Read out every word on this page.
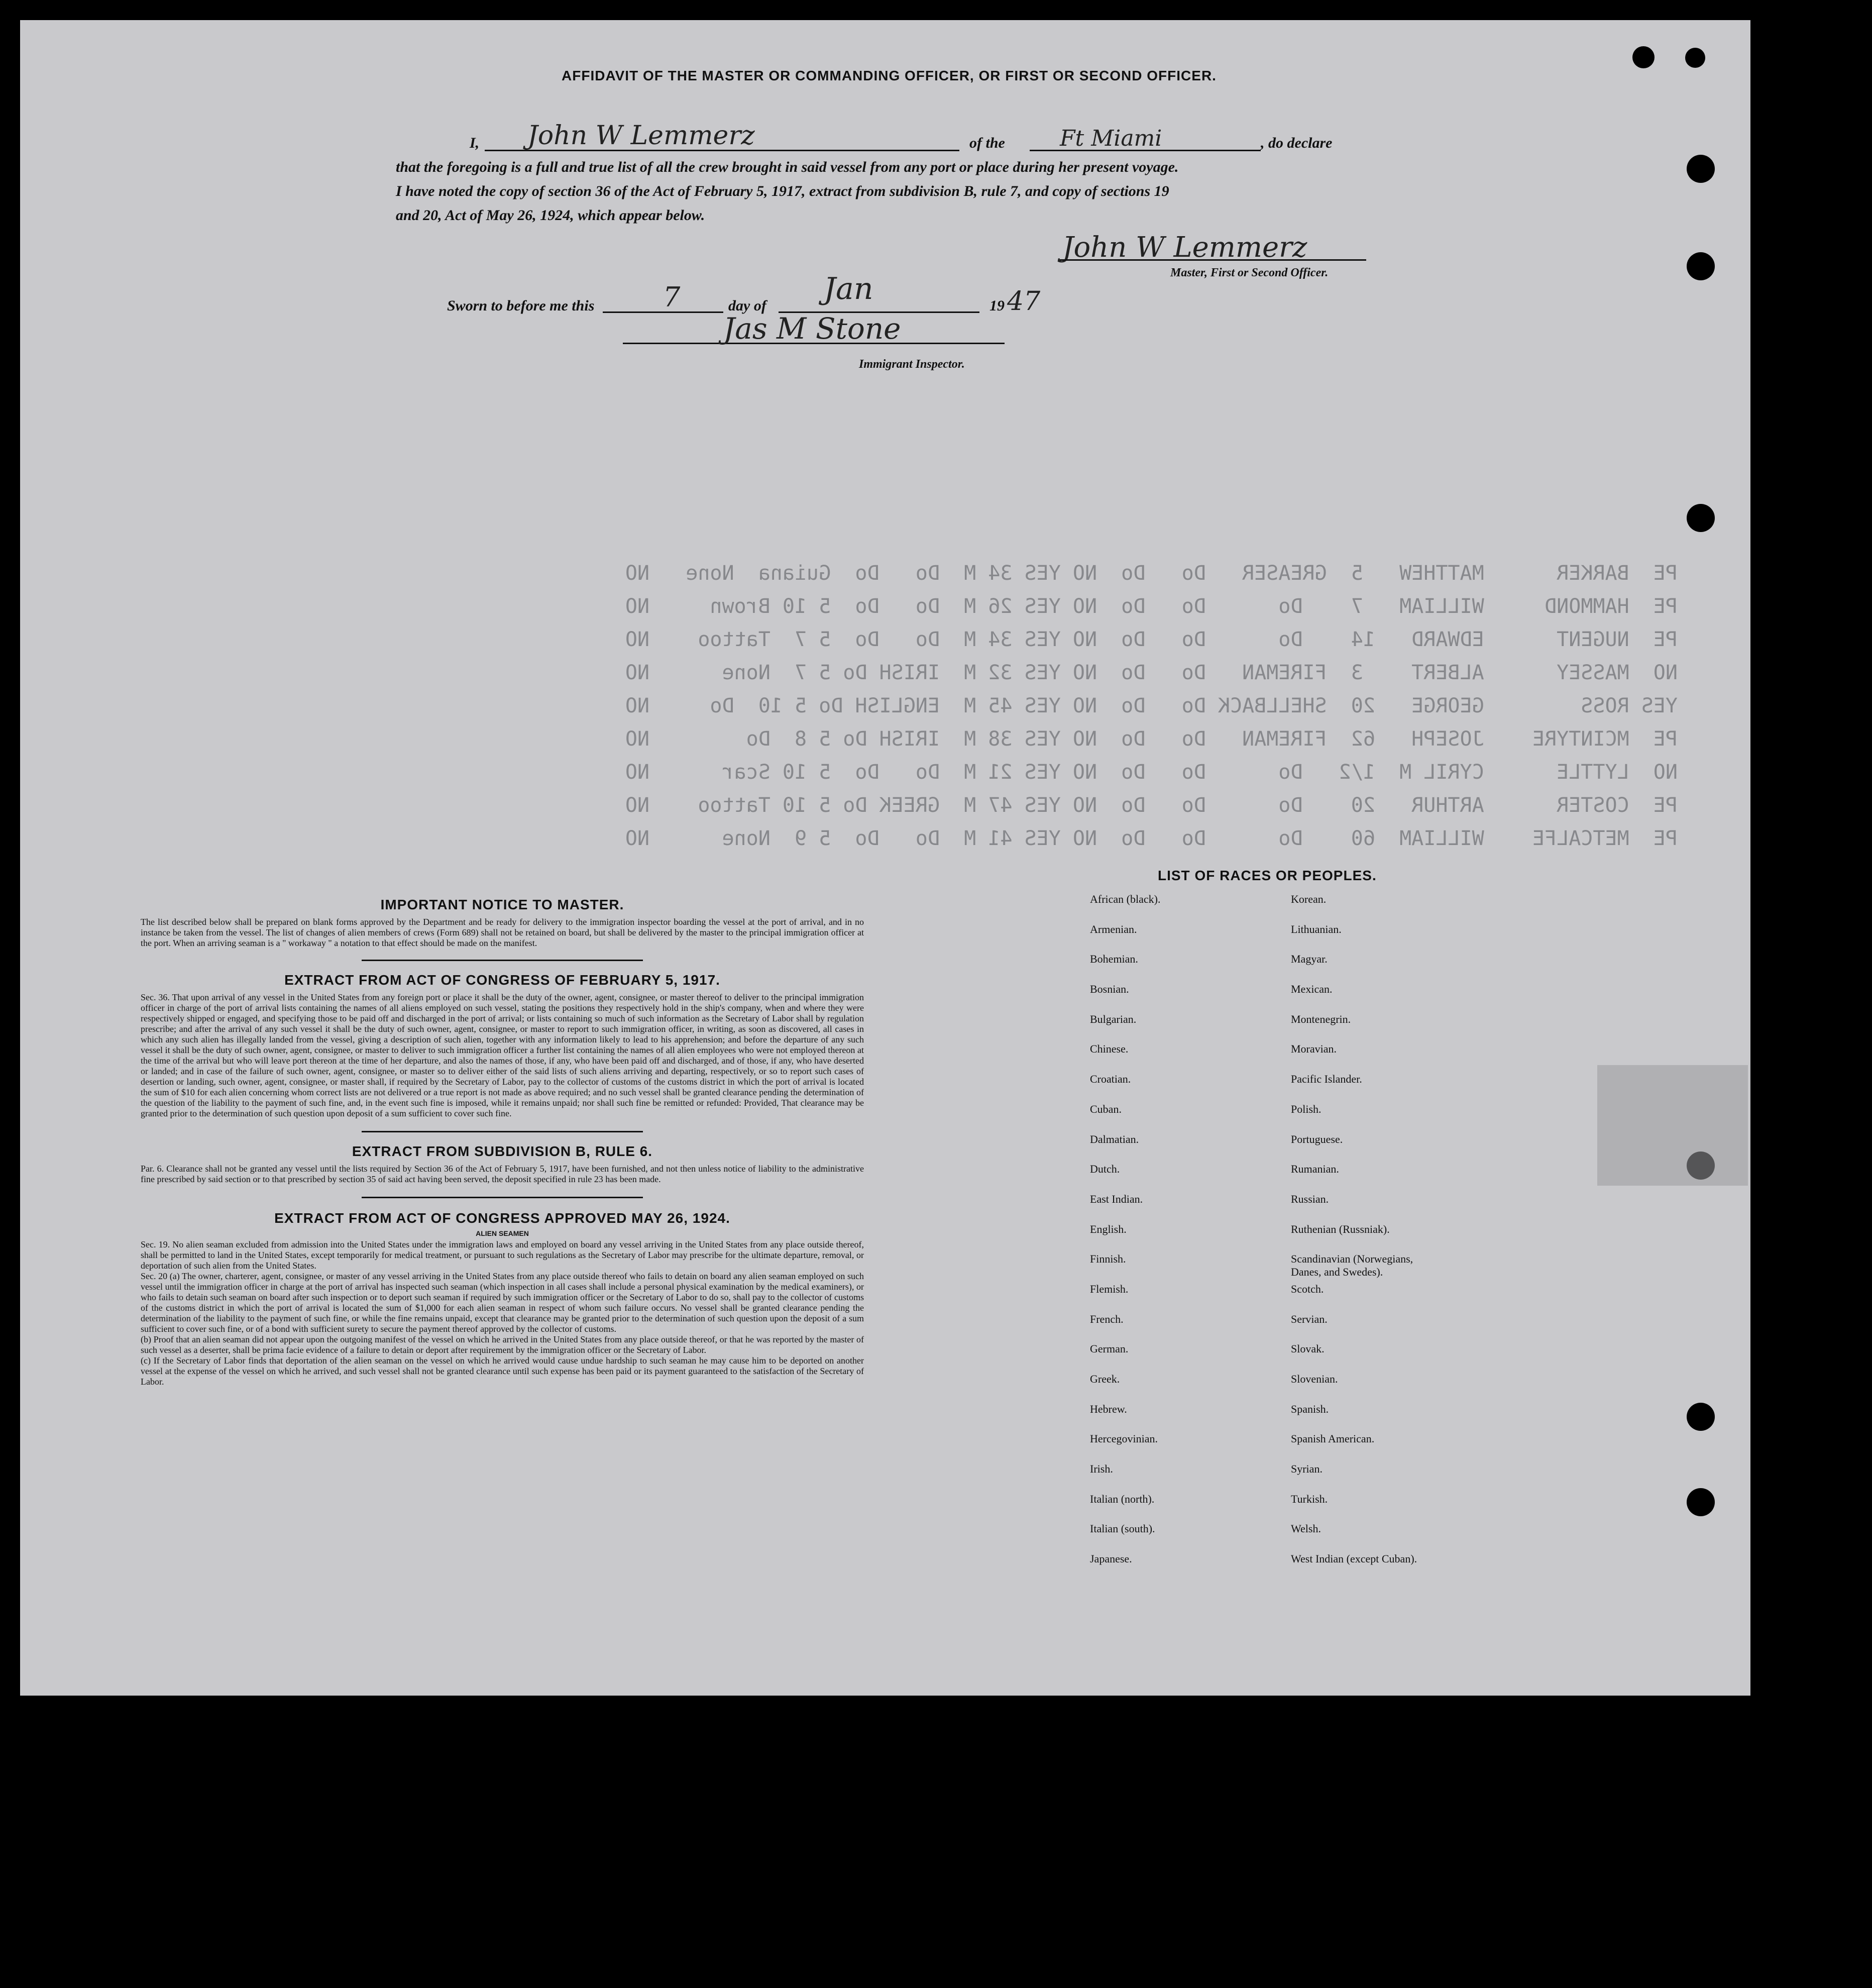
AFFIDAVIT OF THE MASTER OR COMMANDING OFFICER, OR FIRST OR SECOND OFFICER.
I, John W Lemmerz	of the Ft Miami	, do declare
that the foregoing is a full and true list of all the crew brought in said vessel from any port or place during her present voyage.
I have noted the copy of section 36 of the Act of February 5, 1917, extract from subdivision B, rule 7, and copy of sections 19
and 20, Act of May 26, 1924, which appear below.
John W Lemmerz
Master, First or Second Officer.
Sworn to before me this	7	day of Jan	19 47
Jas M Stone
Immigrant Inspector.
PE  BARKER      MATTHEW   5  GREASER   Do   Do  NO YES 34 M  Do   Do  Guiana  None   NO
PE  HAMMOND     WILLIAM   7    Do      Do   Do  NO YES 26 M  Do   Do  5 10 Brown     NO
PE  NUGENT      EDWARD   14    Do      Do   Do  NO YES 34 M  Do   Do  5 7  Tattoo    NO
NO  MASSEY      ALBERT    3  FIREMAN   Do   Do  NO YES 32 M  IRISH Do 5 7  None      NO
YES ROSS        GEORGE   20  SHELLBACK Do   Do  NO YES 45 M  ENGLISH Do 5 10  Do     NO
PE  MCINTYRE    JOSEPH   62  FIREMAN   Do   Do  NO YES 38 M  IRISH Do 5 8  Do        NO
NO  LYTTLE      CYRIL M  1/2   Do      Do   Do  NO YES 21 M  Do   Do  5 10 Scar      NO
PE  COSTER      ARTHUR   20    Do      Do   Do  NO YES 47 M  GREEK Do 5 10 Tattoo    NO
PE  METCALFE    WILLIAM  60    Do      Do   Do  NO YES 41 M  Do   Do  5 9  None      NO
IMPORTANT NOTICE TO MASTER.
The list described below shall be prepared on blank forms approved by the Department and be ready for delivery to the immigration inspector boarding the vessel at the port of arrival, and in no instance be taken from the vessel. The list of changes of alien members of crews (Form 689) shall not be retained on board, but shall be delivered by the master to the principal immigration officer at the port. When an arriving seaman is a " workaway " a notation to that effect should be made on the manifest.
EXTRACT FROM ACT OF CONGRESS OF FEBRUARY 5, 1917.
Sec. 36. That upon arrival of any vessel in the United States from any foreign port or place it shall be the duty of the owner, agent, consignee, or master thereof to deliver to the principal immigration officer in charge of the port of arrival lists containing the names of all aliens employed on such vessel, stating the positions they respectively hold in the ship's company, when and where they were respectively shipped or engaged, and specifying those to be paid off and discharged in the port of arrival; or lists containing so much of such information as the Secretary of Labor shall by regulation prescribe; and after the arrival of any such vessel it shall be the duty of such owner, agent, consignee, or master to report to such immigration officer, in writing, as soon as discovered, all cases in which any such alien has illegally landed from the vessel, giving a description of such alien, together with any information likely to lead to his apprehension; and before the departure of any such vessel it shall be the duty of such owner, agent, consignee, or master to deliver to such immigration officer a further list containing the names of all alien employees who were not employed thereon at the time of the arrival but who will leave port thereon at the time of her departure, and also the names of those, if any, who have been paid off and discharged, and of those, if any, who have deserted or landed; and in case of the failure of such owner, agent, consignee, or master so to deliver either of the said lists of such aliens arriving and departing, respectively, or so to report such cases of desertion or landing, such owner, agent, consignee, or master shall, if required by the Secretary of Labor, pay to the collector of customs of the customs district in which the port of arrival is located the sum of $10 for each alien concerning whom correct lists are not delivered or a true report is not made as above required; and no such vessel shall be granted clearance pending the determination of the question of the liability to the payment of such fine, and, in the event such fine is imposed, while it remains unpaid; nor shall such fine be remitted or refunded: Provided, That clearance may be granted prior to the determination of such question upon deposit of a sum sufficient to cover such fine.
EXTRACT FROM SUBDIVISION B, RULE 6.
Par. 6. Clearance shall not be granted any vessel until the lists required by Section 36 of the Act of February 5, 1917, have been furnished, and not then unless notice of liability to the administrative fine prescribed by said section or to that prescribed by section 35 of said act having been served, the deposit specified in rule 23 has been made.
EXTRACT FROM ACT OF CONGRESS APPROVED MAY 26, 1924.
ALIEN SEAMEN
Sec. 19. No alien seaman excluded from admission into the United States under the immigration laws and employed on board any vessel arriving in the United States from any place outside thereof, shall be permitted to land in the United States, except temporarily for medical treatment, or pursuant to such regulations as the Secretary of Labor may prescribe for the ultimate departure, removal, or deportation of such alien from the United States.
Sec. 20 (a) The owner, charterer, agent, consignee, or master of any vessel arriving in the United States from any place outside thereof who fails to detain on board any alien seaman employed on such vessel until the immigration officer in charge at the port of arrival has inspected such seaman (which inspection in all cases shall include a personal physical examination by the medical examiners), or who fails to detain such seaman on board after such inspection or to deport such seaman if required by such immigration officer or the Secretary of Labor to do so, shall pay to the collector of customs of the customs district in which the port of arrival is located the sum of $1,000 for each alien seaman in respect of whom such failure occurs. No vessel shall be granted clearance pending the determination of the liability to the payment of such fine, or while the fine remains unpaid, except that clearance may be granted prior to the determination of such question upon the deposit of a sum sufficient to cover such fine, or of a bond with sufficient surety to secure the payment thereof approved by the collector of customs.
(b) Proof that an alien seaman did not appear upon the outgoing manifest of the vessel on which he arrived in the United States from any place outside thereof, or that he was reported by the master of such vessel as a deserter, shall be prima facie evidence of a failure to detain or deport after requirement by the immigration officer or the Secretary of Labor.
(c) If the Secretary of Labor finds that deportation of the alien seaman on the vessel on which he arrived would cause undue hardship to such seaman he may cause him to be deported on another vessel at the expense of the vessel on which he arrived, and such vessel shall not be granted clearance until such expense has been paid or its payment guaranteed to the satisfaction of the Secretary of Labor.
LIST OF RACES OR PEOPLES.
African (black).
Armenian.
Bohemian.
Bosnian.
Bulgarian.
Chinese.
Croatian.
Cuban.
Dalmatian.
Dutch.
East Indian.
English.
Finnish.
Flemish.
French.
German.
Greek.
Hebrew.
Hercegovinian.
Irish.
Italian (north).
Italian (south).
Japanese.
Korean.
Lithuanian.
Magyar.
Mexican.
Montenegrin.
Moravian.
Pacific Islander.
Polish.
Portuguese.
Rumanian.
Russian.
Ruthenian (Russniak).
Scandinavian (Norwegians, Danes, and Swedes).
Scotch.
Servian.
Slovak.
Slovenian.
Spanish.
Spanish American.
Syrian.
Turkish.
Welsh.
West Indian (except Cuban).
